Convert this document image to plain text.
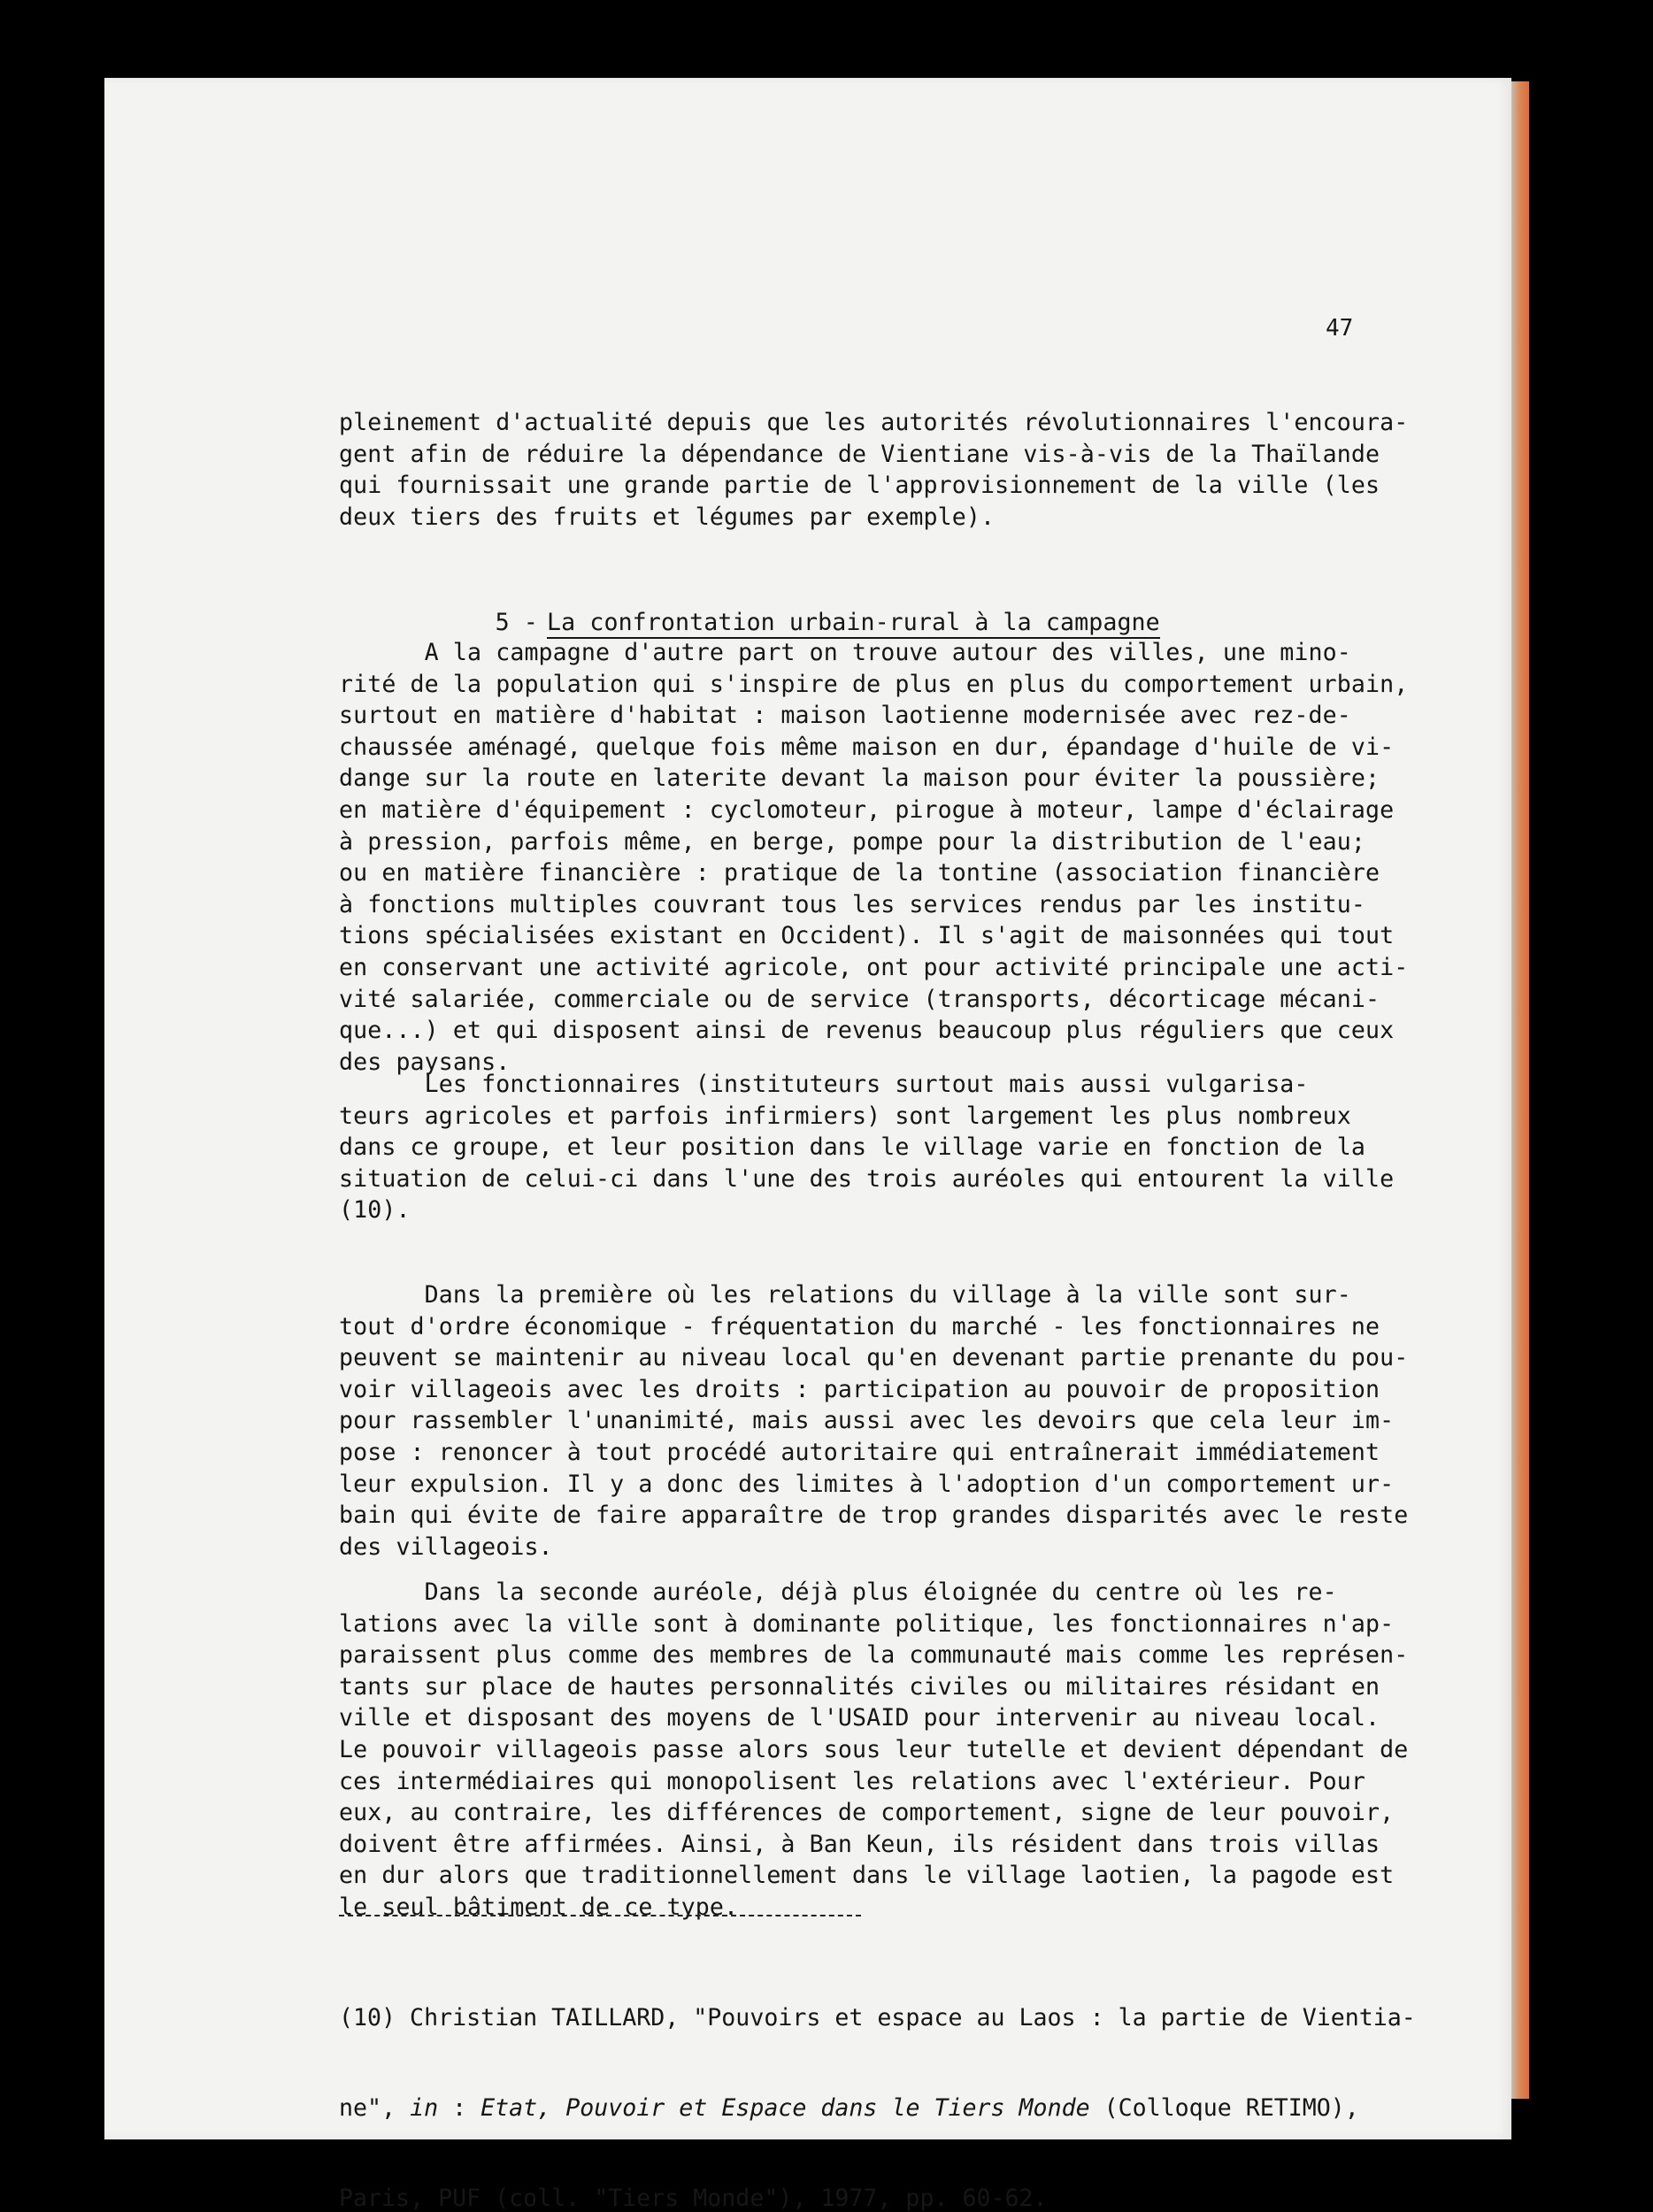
47

pleinement d'actualité depuis que les autorités révolutionnaires l'encoura-
gent afin de réduire la dépendance de Vientiane vis-à-vis de la Thaïlande
qui fournissait une grande partie de l'approvisionnement de la ville (les
deux tiers des fruits et légumes par exemple).

A la campagne d'autre part on trouve autour des villes, une mino-
rité de la population qui s'inspire de plus en plus du comportement urbain,
surtout en matière d'habitat : maison laotienne modernisée avec rez-de-
chaussée aménagé, quelque fois même maison en dur, épandage d'huile de vi-
dange sur la route en laterite devant la maison pour éviter la poussière;
en matière d'équipement : cyclomoteur, pirogue à moteur, lampe d'éclairage
à pression, parfois même, en berge, pompe pour la distribution de l'eau;
ou en matière financière : pratique de la tontine (association financière
à fonctions multiples couvrant tous les services rendus par les institu-
tions spécialisées existant en Occident). Il s'agit de maisonnées qui tout
en conservant une activité agricole, ont pour activité principale une acti-
vité salariée, commerciale ou de service (transports, décorticage mécani-
que...) et qui disposent ainsi de revenus beaucoup plus réguliers que ceux
des paysans.

Les fonctionnaires (instituteurs surtout mais aussi vulgarisa-
teurs agricoles et parfois infirmiers) sont largement les plus nombreux
dans ce groupe, et leur position dans le village varie en fonction de la
situation de celui-ci dans l'une des trois auréoles qui entourent la ville
(10).

Dans la première où les relations du village à la ville sont sur-
tout d'ordre économique - fréquentation du marché - les fonctionnaires ne
peuvent se maintenir au niveau local qu'en devenant partie prenante du pou-
voir villageois avec les droits : participation au pouvoir de proposition
pour rassembler l'unanimité, mais aussi avec les devoirs que cela leur im-
pose : renoncer à tout procédé autoritaire qui entraînerait immédiatement
leur expulsion. Il y a donc des limites à l'adoption d'un comportement ur-
bain qui évite de faire apparaître de trop grandes disparités avec le reste
des villageois.

Dans la seconde auréole, déjà plus éloignée du centre où les re-
lations avec la ville sont à dominante politique, les fonctionnaires n'ap-
paraissent plus comme des membres de la communauté mais comme les représen-
tants sur place de hautes personnalités civiles ou militaires résidant en
ville et disposant des moyens de l'USAID pour intervenir au niveau local.
Le pouvoir villageois passe alors sous leur tutelle et devient dépendant de
ces intermédiaires qui monopolisent les relations avec l'extérieur. Pour
eux, au contraire, les différences de comportement, signe de leur pouvoir,
doivent être affirmées. Ainsi, à Ban Keun, ils résident dans trois villas
en dur alors que traditionnellement dans le village laotien, la pagode est
le seul bâtiment de ce type.

5 - La confrontation urbain-rural à la campagne

(10) Christian TAILLARD, "Pouvoirs et espace au Laos : la partie de Vientia-

ne", in : Etat, Pouvoir et Espace dans le Tiers Monde (Colloque RETIMO),

Paris, PUF (coll. "Tiers Monde"), 1977, pp. 60-62.
